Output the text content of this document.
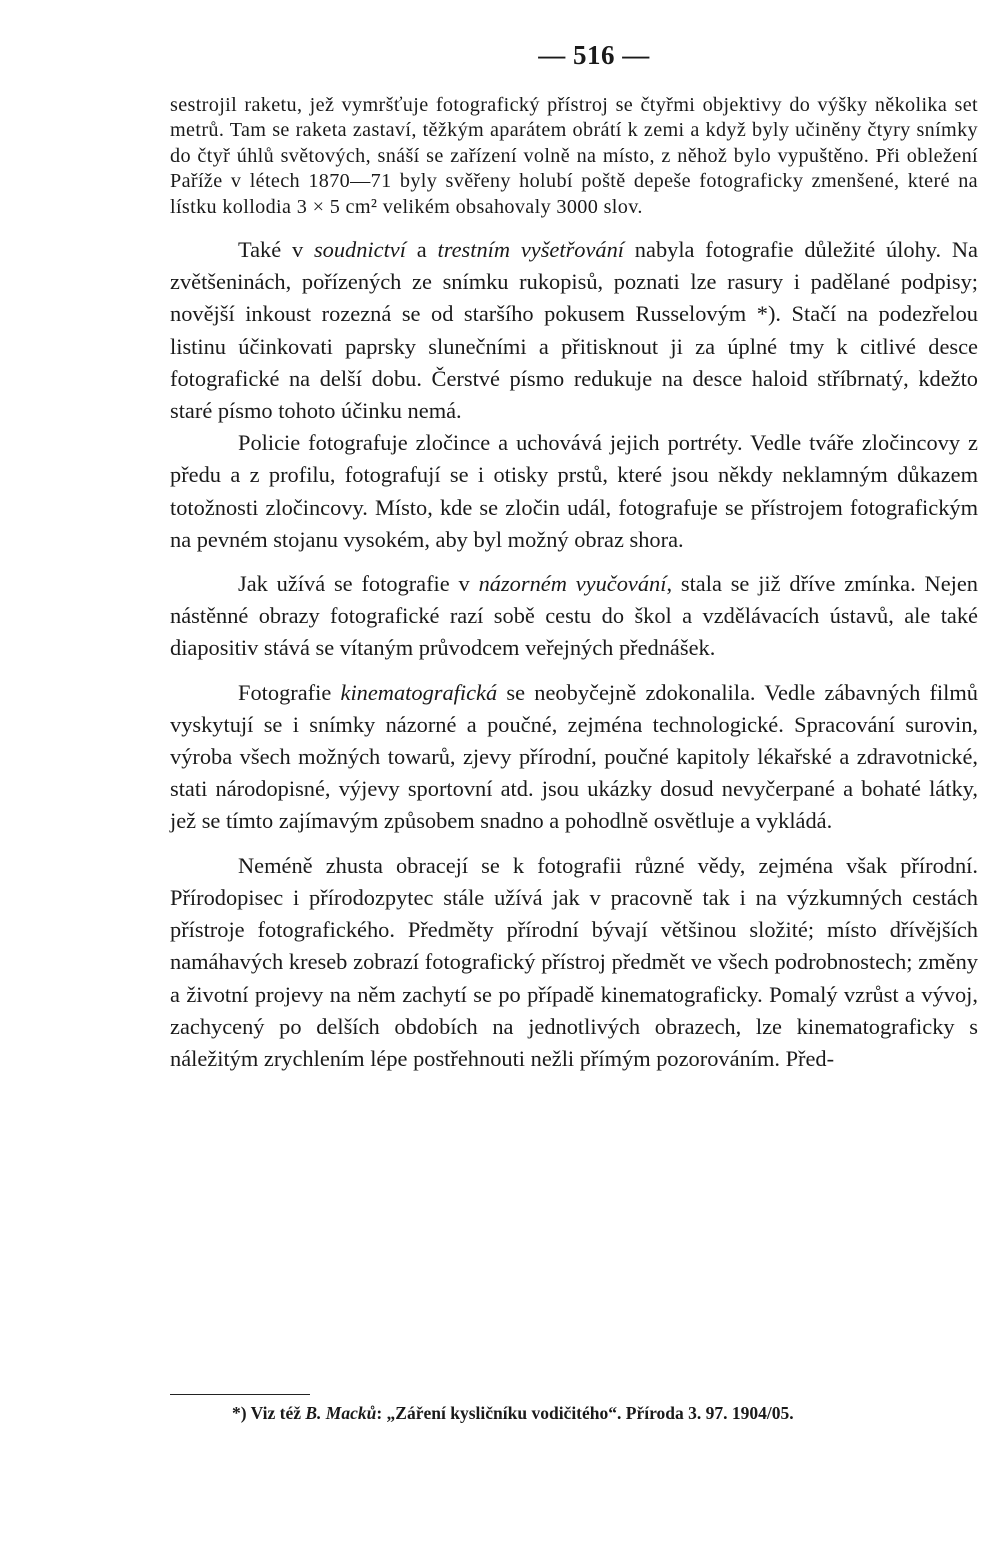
— 516 —

sestrojil raketu, jež vymršťuje fotografický přístroj se čtyřmi objektivy do výšky několika set metrů. Tam se raketa zastaví, těžkým aparátem obrátí k zemi a když byly učiněny čtyry snímky do čtyř úhlů světových, snáší se zařízení volně na místo, z něhož bylo vypuštěno. Při obležení Paříže v létech 1870—71 byly svěřeny holubí poště depeše fotograficky zmenšené, které na lístku kollodia 3 × 5 cm² velikém obsahovaly 3000 slov.

Také v soudnictví a trestním vyšetřování nabyla fotografie důležité úlohy. Na zvětšeninách, pořízených ze snímku rukopisů, poznati lze rasury i padělané podpisy; novější inkoust rozezná se od staršího pokusem Russelovým *). Stačí na podezřelou listinu účinkovati paprsky slunečními a přitisknout ji za úplné tmy k citlivé desce fotografické na delší dobu. Čerstvé písmo redukuje na desce haloid stříbrnatý, kdežto staré písmo tohoto účinku nemá.

Policie fotografuje zločince a uchovává jejich portréty. Vedle tváře zločincovy z předu a z profilu, fotografují se i otisky prstů, které jsou někdy neklamným důkazem totožnosti zločincovy. Místo, kde se zločin udál, fotografuje se přístrojem fotografickým na pevném stojanu vysokém, aby byl možný obraz shora.

Jak užívá se fotografie v názorném vyučování, stala se již dříve zmínka. Nejen nástěnné obrazy fotografické razí sobě cestu do škol a vzdělávacích ústavů, ale také diapositiv stává se vítaným průvodcem veřejných přednášek.

Fotografie kinematografická se neobyčejně zdokonalila. Vedle zábavných filmů vyskytují se i snímky názorné a poučné, zejména technologické. Spracování surovin, výroba všech možných towarů, zjevy přírodní, poučné kapitoly lékařské a zdravotnické, stati národopisné, výjevy sportovní atd. jsou ukázky dosud nevyčerpané a bohaté látky, jež se tímto zajímavým způsobem snadno a pohodlně osvětluje a vykládá.

Neméně zhusta obracejí se k fotografii různé vědy, zejména však přírodní. Přírodopisec i přírodozpytec stále užívá jak v pracovně tak i na výzkumných cestách přístroje fotografického. Předměty přírodní bývají většinou složité; místo dřívějších namáhavých kreseb zobrazí fotografický přístroj předmět ve všech podrobnostech; změny a životní projevy na něm zachytí se po případě kinematograficky. Pomalý vzrůst a vývoj, zachycený po delších obdobích na jednotlivých obrazech, lze kinematograficky s náležitým zrychlením lépe postřehnouti nežli přímým pozorováním. Před-

*) Viz též B. Macků: „Záření kysličníku vodičitého“. Příroda 3. 97. 1904/05.
